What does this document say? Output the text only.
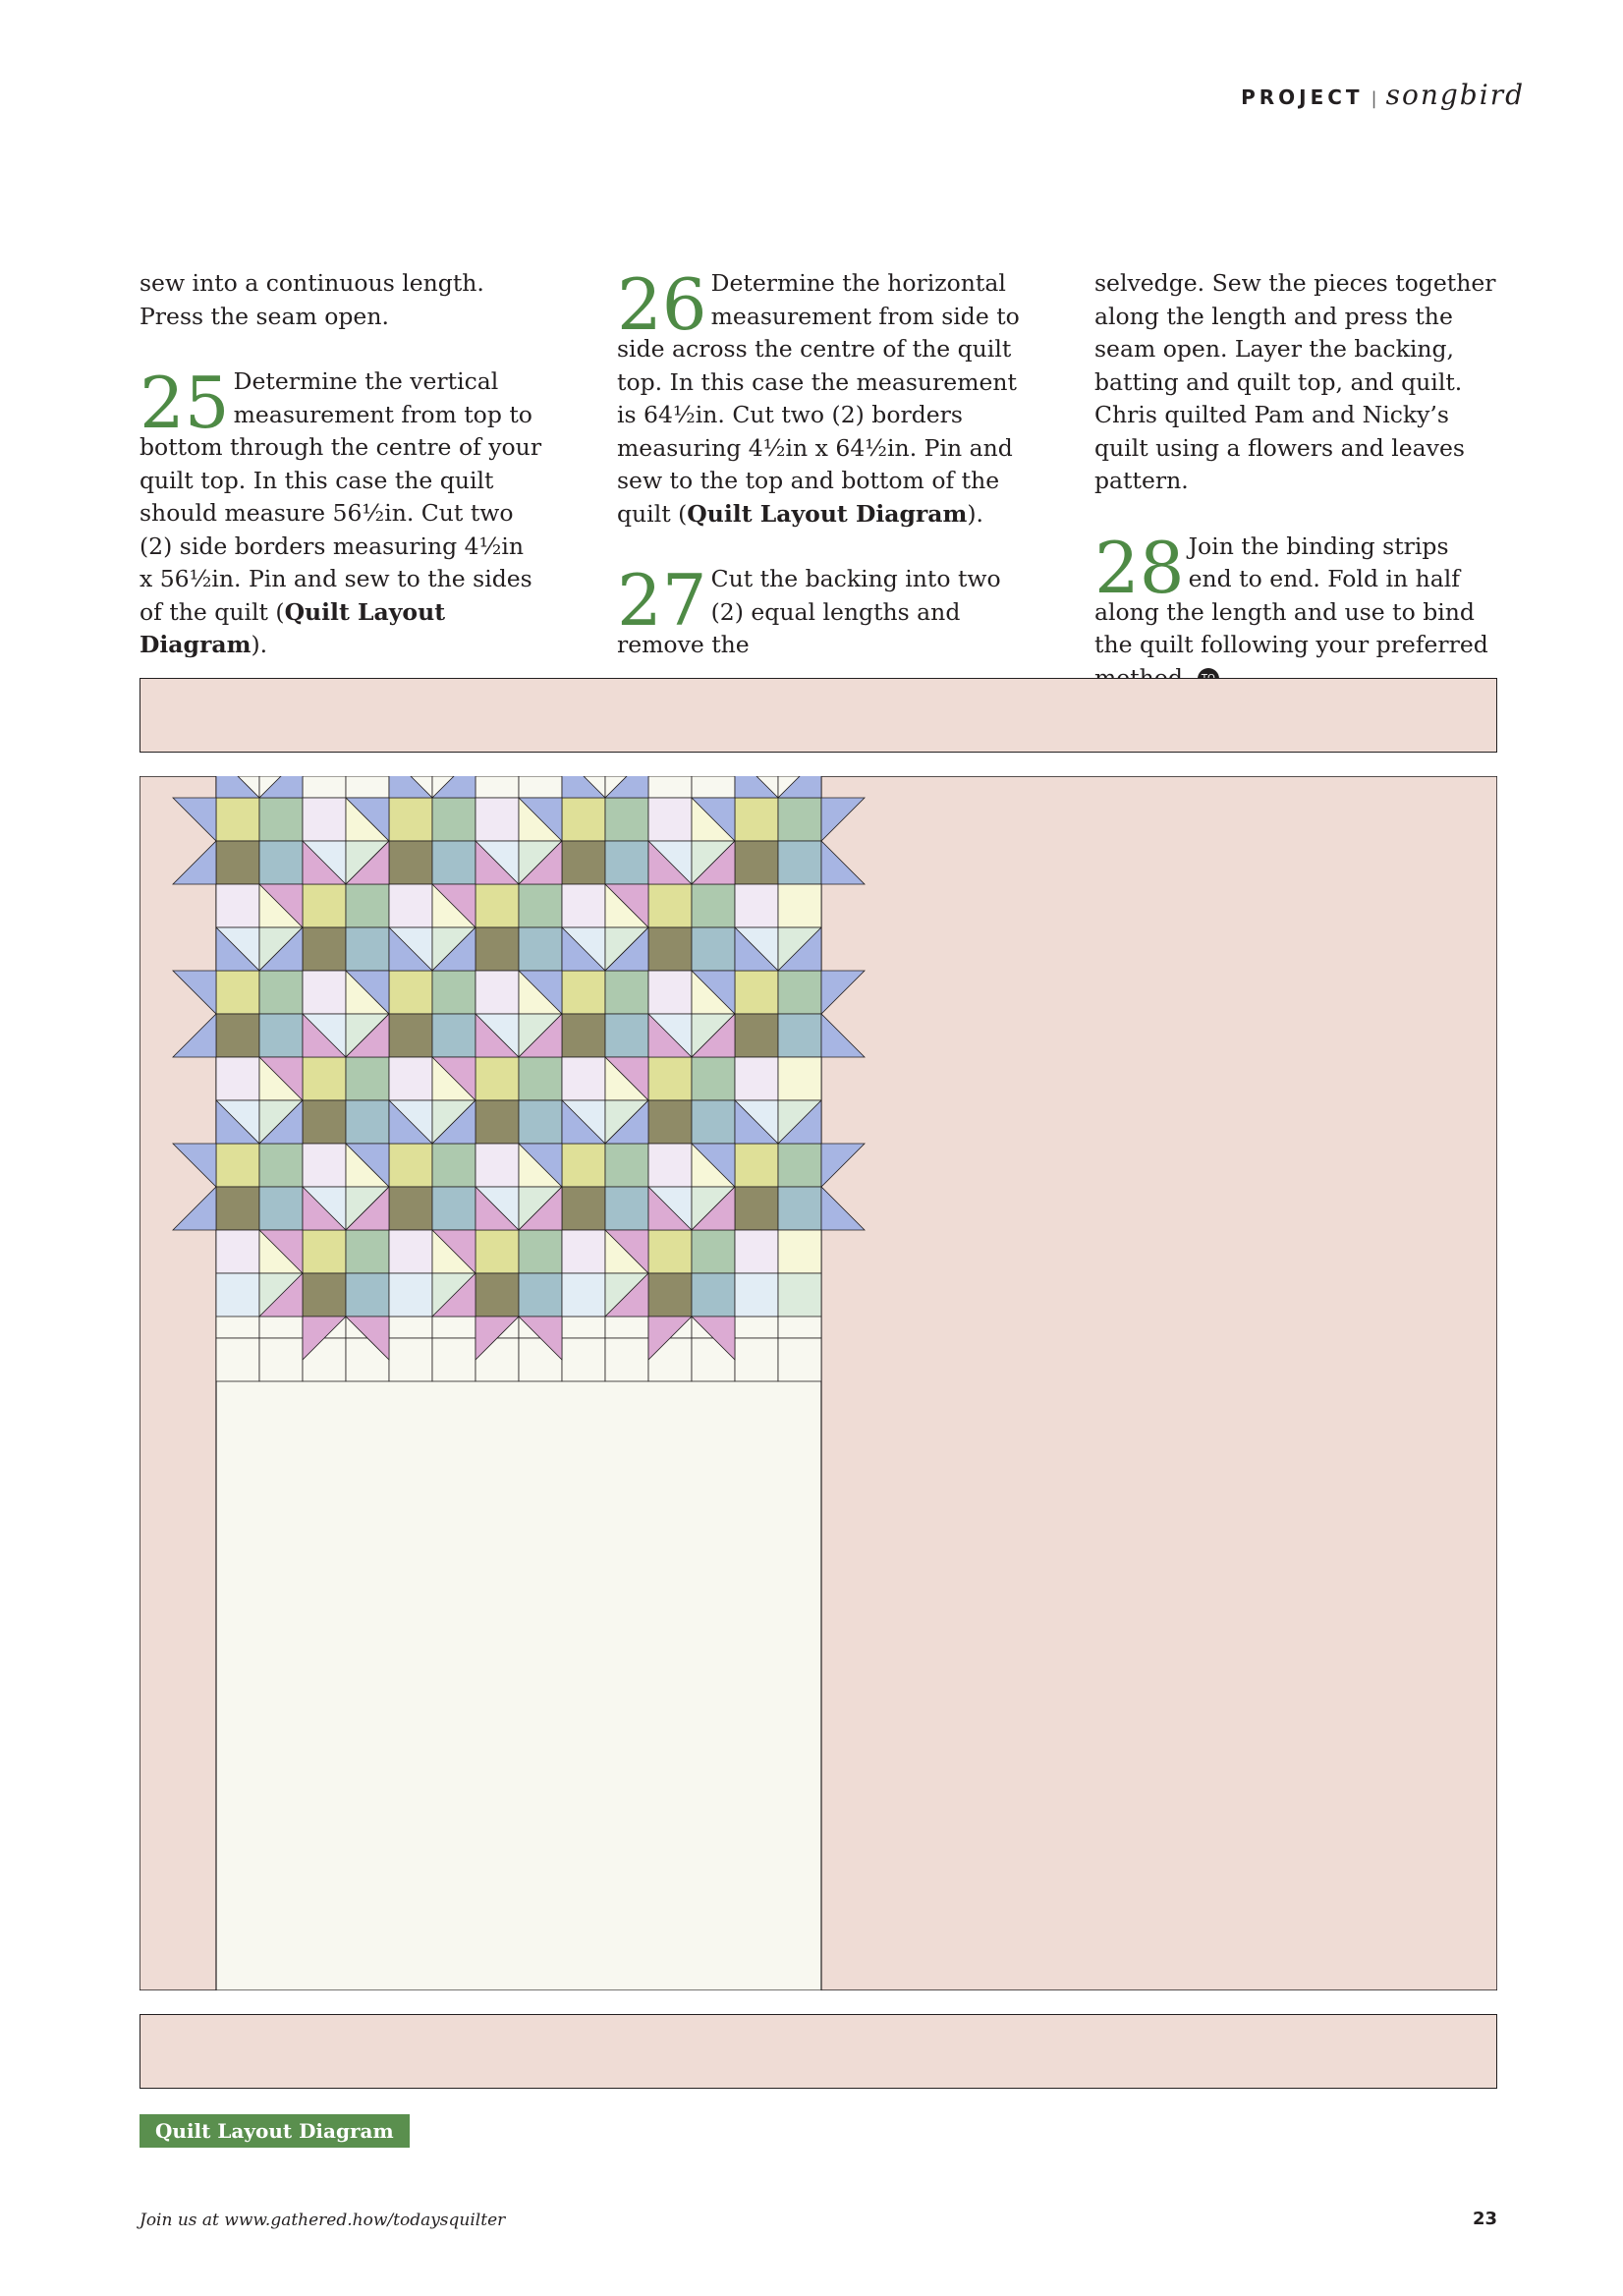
PROJECT | songbird

sew into a continuous length. Press the seam open.

25 Determine the vertical measurement from top to bottom through the centre of your quilt top. In this case the quilt should measure 56½in. Cut two (2) side borders measuring 4½in x 56½in. Pin and sew to the sides of the quilt (Quilt Layout Diagram).

26 Determine the horizontal measurement from side to side across the centre of the quilt top. In this case the measurement is 64½in. Cut two (2) borders measuring 4½in x 64½in. Pin and sew to the top and bottom of the quilt (Quilt Layout Diagram).

27 Cut the backing into two (2) equal lengths and remove the

selvedge. Sew the pieces together along the length and press the seam open. Layer the backing, batting and quilt top, and quilt. Chris quilted Pam and Nicky’s quilt using a flowers and leaves pattern.

28 Join the binding strips end to end. Fold in half along the length and use to bind the quilt following your preferred

Quilt Layout Diagram
Join us at www.gathered.how/todaysquilter	23
